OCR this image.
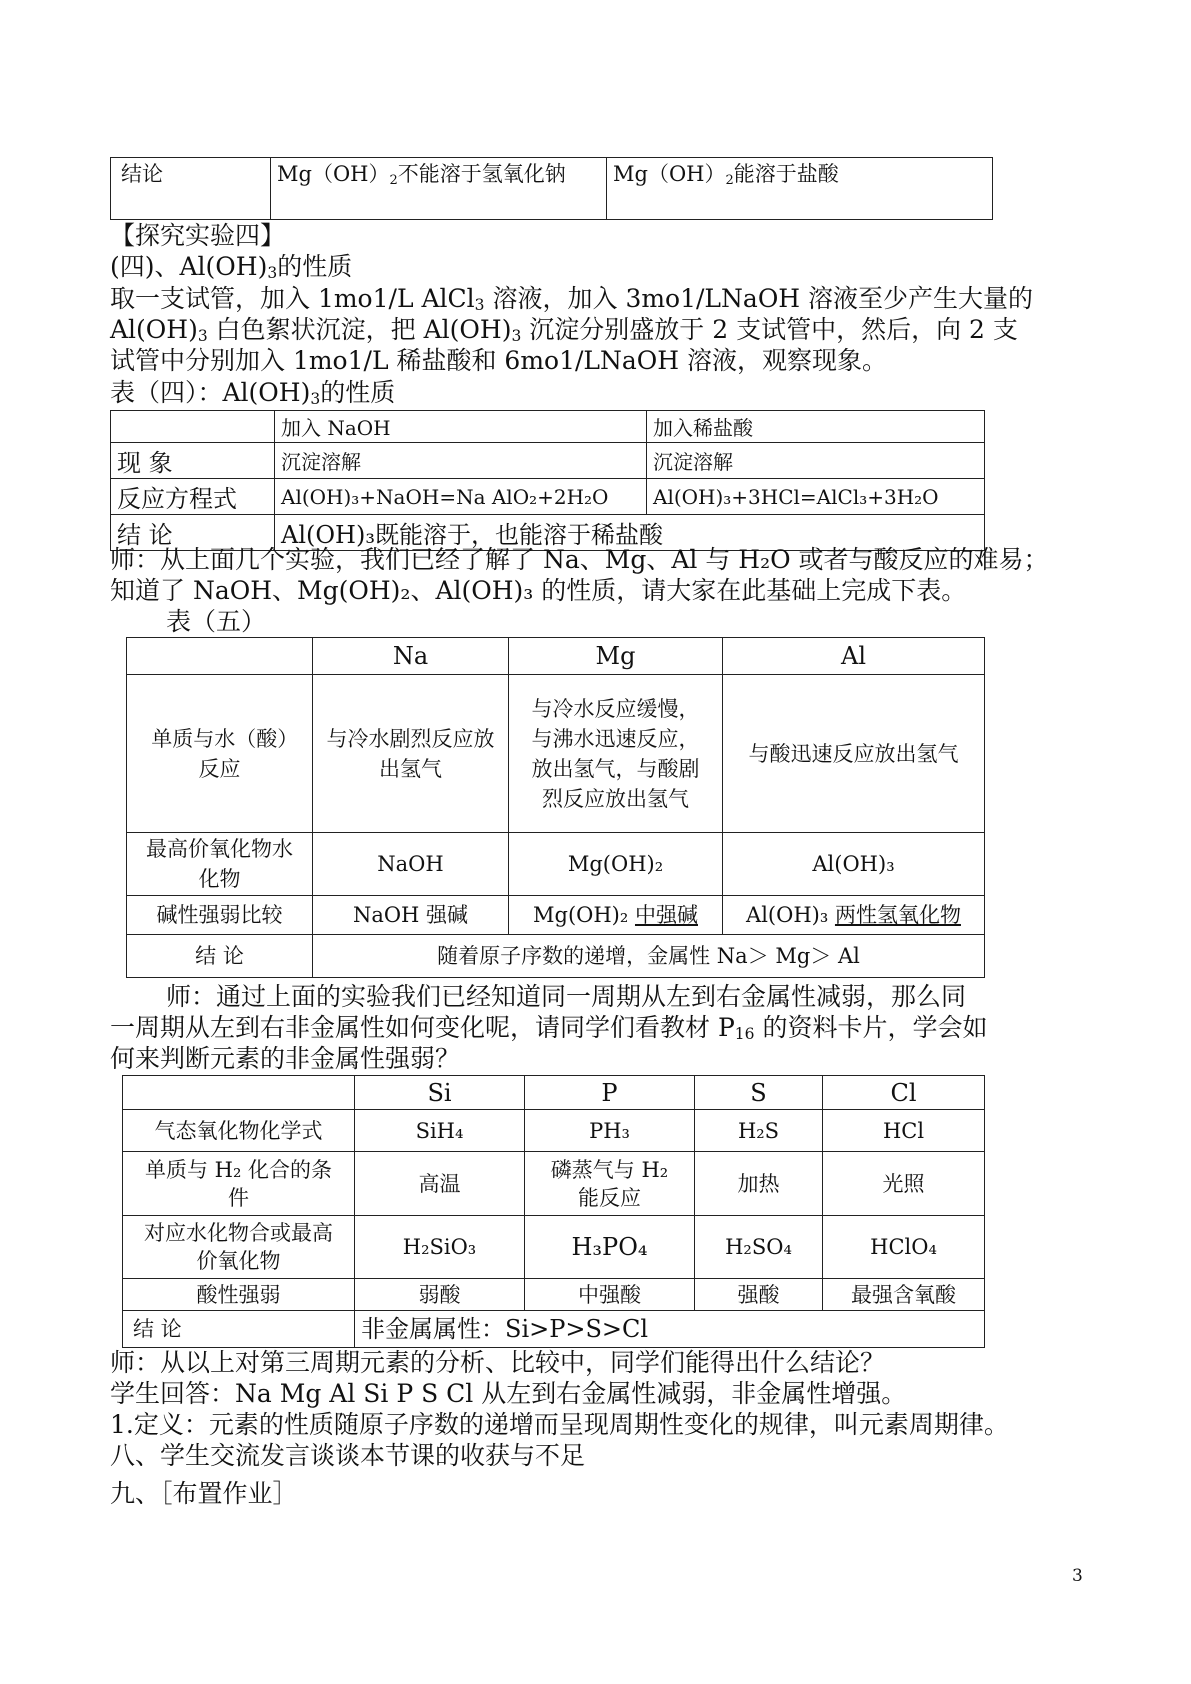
结论	$Mg(OH)_2$不能溶于氢氧化钠	$Mg(OH)_2$能溶于盐酸
【探究实验四】
(四)、$Al(OH)_3$的性质
取一支试管，加入 1mo1/L AlCl$_3$ 溶液，加入 3mo1/LNaOH 溶液至少产生大量的
$Al(OH)_3$ 白色絮状沉淀，把 $Al(OH)_3$ 沉淀分别盛放于 2 支试管中，然后，向 2 支
试管中分别加入 1mo1/L 稀盐酸和 6mo1/LNaOH 溶液，观察现象。
表（四）：$Al(OH)_3$的性质
	加入 NaOH	加入稀盐酸
现 象	沉淀溶解	沉淀溶解
反应方程式	Al(OH)₃+NaOH=Na AlO₂+2H₂O	Al(OH)₃+3HCl=AlCl₃+3H₂O
结 论	Al(OH)₃既能溶于，也能溶于稀盐酸	
师：从上面几个实验，我们已经了解了 Na、Mg、Al 与 H₂O 或者与酸反应的难易；
知道了 NaOH、Mg(OH)₂、Al(OH)₃ 的性质，请大家在此基础上完成下表。
表（五）
	Na	Mg	Al
单质与水（酸）反应	与冷水剧烈反应放出氢气	与冷水反应缓慢，与沸水迅速反应，放出氢气，与酸剧烈反应放出氢气	与酸迅速反应放出氢气
最高价氧化物水化物	NaOH	Mg(OH)₂	Al(OH)₃
碱性强弱比较	NaOH 强碱	Mg(OH)₂ 中强碱	Al(OH)₃ 两性氢氧化物
结 论	随着原子序数的递增，金属性 Na＞ Mg＞ Al		
师：通过上面的实验我们已经知道同一周期从左到右金属性减弱，那么同
一周期从左到右非金属性如何变化呢，请同学们看教材 $P_{16}$ 的资料卡片，学会如
何来判断元素的非金属性强弱？
	Si	P	S	Cl
气态氧化物化学式	SiH₄	PH₃	H₂S	HCl
单质与 H₂ 化合的条件	高温	磷蒸气与 H₂ 能反应	加热	光照
对应水化物合或最高价氧化物	H₂SiO₃	H₃PO₄	H₂SO₄	HClO₄
酸性强弱	弱酸	中强酸	强酸	最强含氧酸
结 论	非金属属性：Si>P>S>Cl			
师：从以上对第三周期元素的分析、比较中，同学们能得出什么结论？
学生回答：Na Mg Al Si P S Cl 从左到右金属性减弱，非金属性增强。
1.定义：元素的性质随原子序数的递增而呈现周期性变化的规律，叫元素周期律。
八、学生交流发言谈谈本节课的收获与不足
九、［布置作业］
3
